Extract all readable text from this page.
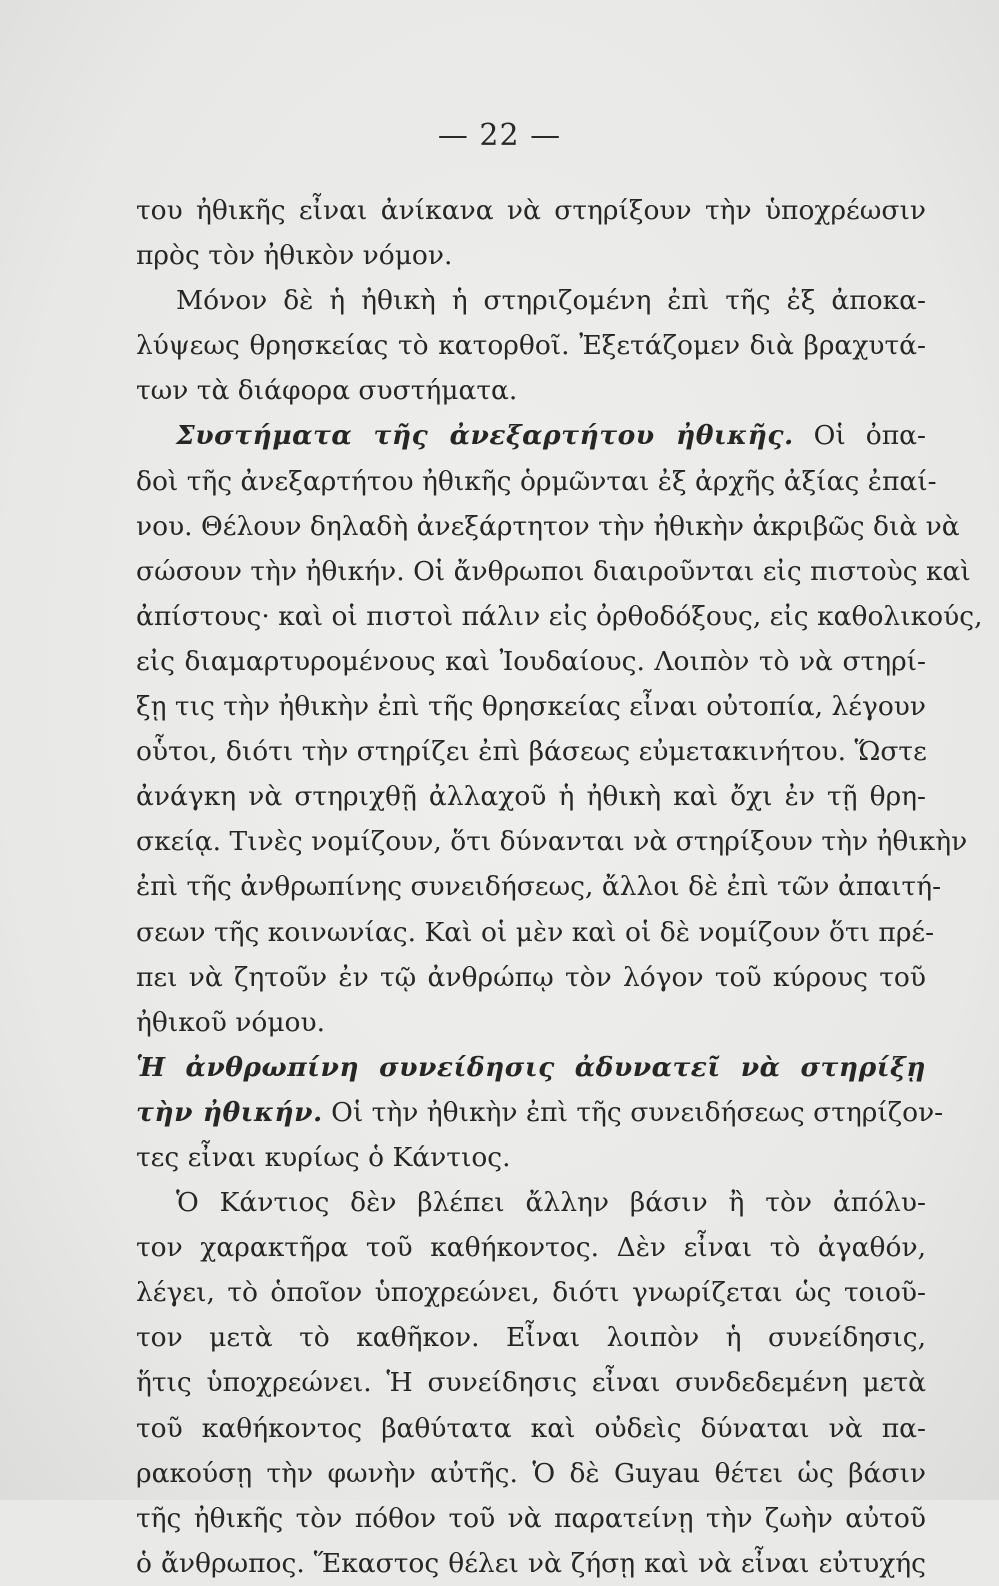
— 22 —
του ἠθικῆς εἶναι ἀνίκανα νὰ στηρίξουν τὴν ὑποχρέωσιν
πρὸς τὸν ἠθικὸν νόμον.
Μόνον δὲ ἡ ἠθικὴ ἡ στηριζομένη ἐπὶ τῆς ἐξ ἀποκα-
λύψεως θρησκείας τὸ κατορθοῖ. Ἐξετάζομεν διὰ βραχυτά-
των τὰ διάφορα συστήματα.
Συστήματα τῆς ἀνεξαρτήτου ἠθικῆς. Οἱ ὀπα-
δοὶ τῆς ἀνεξαρτήτου ἠθικῆς ὁρμῶνται ἐξ ἀρχῆς ἀξίας ἐπαί-
νου. Θέλουν δηλαδὴ ἀνεξάρτητον τὴν ἠθικὴν ἀκριβῶς διὰ νὰ
σώσουν τὴν ἠθικήν. Οἱ ἄνθρωποι διαιροῦνται εἰς πιστοὺς καὶ
ἀπίστους· καὶ οἱ πιστοὶ πάλιν εἰς ὀρθοδόξους, εἰς καθολικούς,
εἰς διαμαρτυρομένους καὶ Ἰουδαίους. Λοιπὸν τὸ νὰ στηρί-
ξῃ τις τὴν ἠθικὴν ἐπὶ τῆς θρησκείας εἶναι οὐτοπία, λέγουν
οὗτοι, διότι τὴν στηρίζει ἐπὶ βάσεως εὐμετακινήτου. Ὥστε
ἀνάγκη νὰ στηριχθῇ ἀλλαχοῦ ἡ ἠθικὴ καὶ ὄχι ἐν τῇ θρη-
σκείᾳ. Τινὲς νομίζουν, ὅτι δύνανται νὰ στηρίξουν τὴν ἠθικὴν
ἐπὶ τῆς ἀνθρωπίνης συνειδήσεως, ἄλλοι δὲ ἐπὶ τῶν ἀπαιτή-
σεων τῆς κοινωνίας. Καὶ οἱ μὲν καὶ οἱ δὲ νομίζουν ὅτι πρέ-
πει νὰ ζητοῦν ἐν τῷ ἀνθρώπῳ τὸν λόγον τοῦ κύρους τοῦ
ἠθικοῦ νόμου.
Ἡ ἀνθρωπίνη συνείδησις ἀδυνατεῖ νὰ στηρίξῃ
τὴν ἠθικήν. Οἱ τὴν ἠθικὴν ἐπὶ τῆς συνειδήσεως στηρίζον-
τες εἶναι κυρίως ὁ Κάντιος.
Ὁ Κάντιος δὲν βλέπει ἄλλην βάσιν ἢ τὸν ἀπόλυ-
τον χαρακτῆρα τοῦ καθήκοντος. Δὲν εἶναι τὸ ἀγαθόν,
λέγει, τὸ ὁποῖον ὑποχρεώνει, διότι γνωρίζεται ὡς τοιοῦ-
τον μετὰ τὸ καθῆκον. Εἶναι λοιπὸν ἡ συνείδησις,
ἥτις ὑποχρεώνει. Ἡ συνείδησις εἶναι συνδεδεμένη μετὰ
τοῦ καθήκοντος βαθύτατα καὶ οὐδεὶς δύναται νὰ πα-
ρακούσῃ τὴν φωνὴν αὐτῆς. Ὁ δὲ Guyau θέτει ὡς βάσιν
τῆς ἠθικῆς τὸν πόθον τοῦ νὰ παρατείνῃ τὴν ζωὴν αὐτοῦ
ὁ ἄνθρωπος. Ἕκαστος θέλει νὰ ζήσῃ καὶ νὰ εἶναι εὐτυχής
